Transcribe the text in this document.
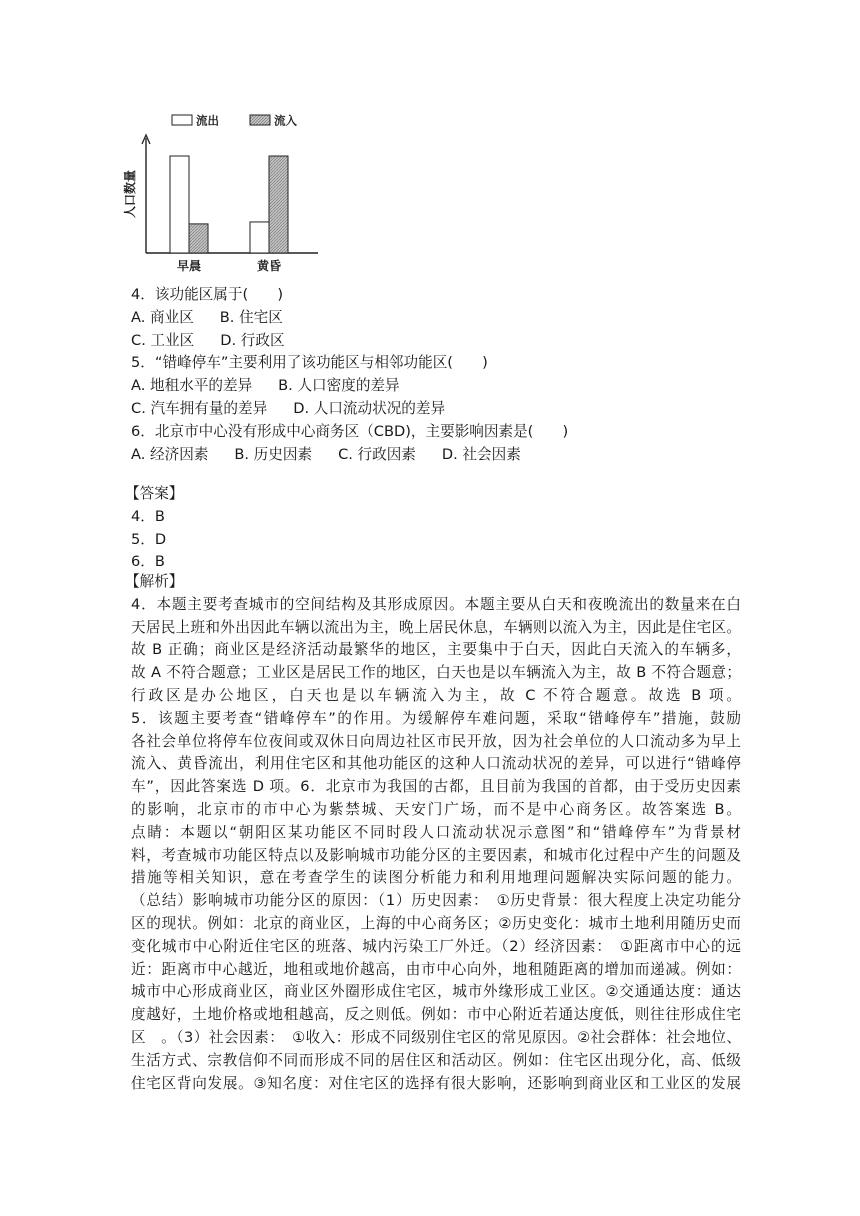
流出	流入
早晨	黄昏
人口数量
4．该功能区属于(　　)
A. 商业区 B. 住宅区
C. 工业区 D. 行政区
5．“错峰停车”主要利用了该功能区与相邻功能区(　　)
A. 地租水平的差异 B. 人口密度的差异
C. 汽车拥有量的差异 D. 人口流动状况的差异
6．北京市中心没有形成中心商务区（CBD)，主要影响因素是(　　)
A. 经济因素 B. 历史因素 C. 行政因素 D. 社会因素
【答案】
4．B
5．D
6．B
【解析】
4．本题主要考查城市的空间结构及其形成原因。本题主要从白天和夜晚流出的数量来在白
天居民上班和外出因此车辆以流出为主，晚上居民休息，车辆则以流入为主，因此是住宅区。
故 B 正确；商业区是经济活动最繁华的地区，主要集中于白天，因此白天流入的车辆多，
故 A 不符合题意；工业区是居民工作的地区，白天也是以车辆流入为主，故 B 不符合题意；
行政区是办公地区，白天也是以车辆流入为主，故 C 不符合题意。故选 B 项。
5．该题主要考查“错峰停车”的作用。为缓解停车难问题，采取“错峰停车”措施，鼓励
各社会单位将停车位夜间或双休日向周边社区市民开放，因为社会单位的人口流动多为早上
流入、黄昏流出，利用住宅区和其他功能区的这种人口流动状况的差异，可以进行“错峰停
车”，因此答案选 D 项。6．北京市为我国的古都，且目前为我国的首都，由于受历史因素
的影响，北京市的市中心为紫禁城、天安门广场，而不是中心商务区。故答案选 B。
点睛：本题以“朝阳区某功能区不同时段人口流动状况示意图”和“错峰停车”为背景材
料，考查城市功能区特点以及影响城市功能分区的主要因素，和城市化过程中产生的问题及
措施等相关知识，意在考查学生的读图分析能力和利用地理问题解决实际问题的能力。
（总结）影响城市功能分区的原因：（1）历史因素：　①历史背景：很大程度上决定功能分
区的现状。例如：北京的商业区，上海的中心商务区；②历史变化：城市土地利用随历史而
变化城市中心附近住宅区的班落、城内污染工厂外迁。（2）经济因素：　①距离市中心的远
近：距离市中心越近，地租或地价越高，由市中心向外，地租随距离的增加而递减。例如：
城市中心形成商业区，商业区外圈形成住宅区，城市外缘形成工业区。②交通通达度：通达
度越好，土地价格或地租越高，反之则低。例如：市中心附近若通达度低，则往往形成住宅
区　。（3）社会因素：　①收入：形成不同级别住宅区的常见原因。②社会群体：社会地位、
生活方式、宗教信仰不同而形成不同的居住区和活动区。例如：住宅区出现分化，高、低级
住宅区背向发展。③知名度：对住宅区的选择有很大影响，还影响到商业区和工业区的发展
